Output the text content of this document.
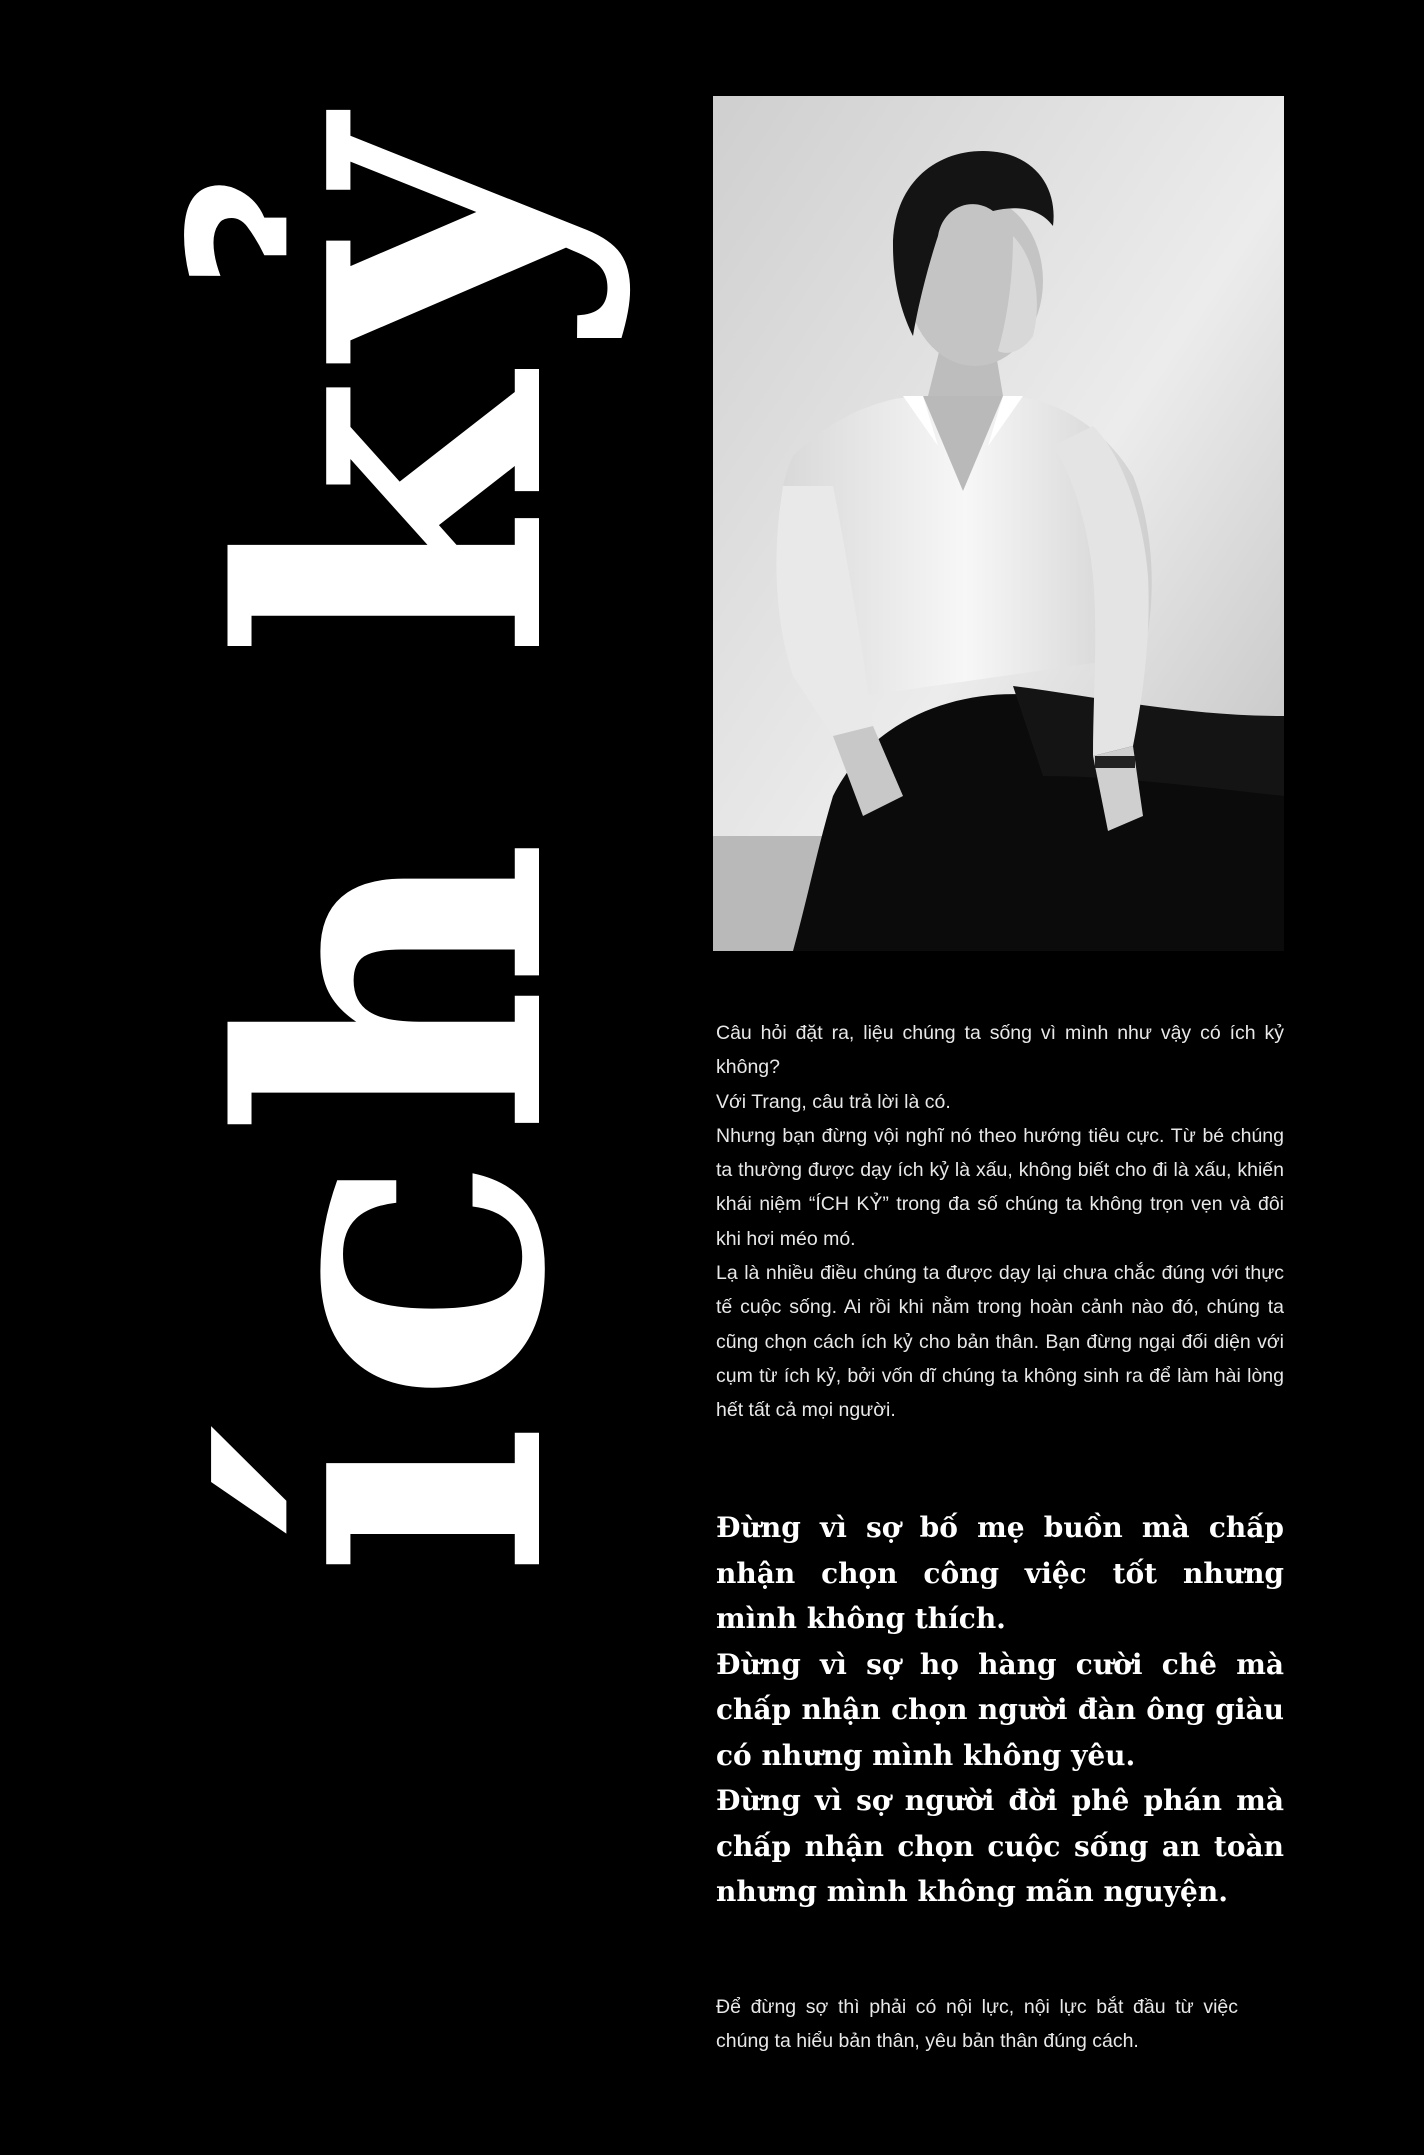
ích kỷ	Câu hỏi đặt ra, liệu chúng ta sống vì mình như vậy có ích kỷ không?

Với Trang, câu trả lời là có.

Nhưng bạn đừng vội nghĩ nó theo hướng tiêu cực. Từ bé chúng ta thường được dạy ích kỷ là xấu, không biết cho đi là xấu, khiến khái niệm “ÍCH KỶ” trong đa số chúng ta không trọn vẹn và đôi khi hơi méo mó.

Lạ là nhiều điều chúng ta được dạy lại chưa chắc đúng với thực tế cuộc sống. Ai rồi khi nằm trong hoàn cảnh nào đó, chúng ta cũng chọn cách ích kỷ cho bản thân. Bạn đừng ngại đối diện với cụm từ ích kỷ, bởi vốn dĩ chúng ta không sinh ra để làm hài lòng hết tất cả mọi người.

Đừng vì sợ bố mẹ buồn mà chấp nhận chọn công việc tốt nhưng mình không thích.

Đừng vì sợ họ hàng cười chê mà chấp nhận chọn người đàn ông giàu có nhưng mình không yêu.

Đừng vì sợ người đời phê phán mà chấp nhận chọn cuộc sống an toàn nhưng mình không mãn nguyện.

Để đừng sợ thì phải có nội lực, nội lực bắt đầu từ việc chúng ta hiểu bản thân, yêu bản thân đúng cách.
